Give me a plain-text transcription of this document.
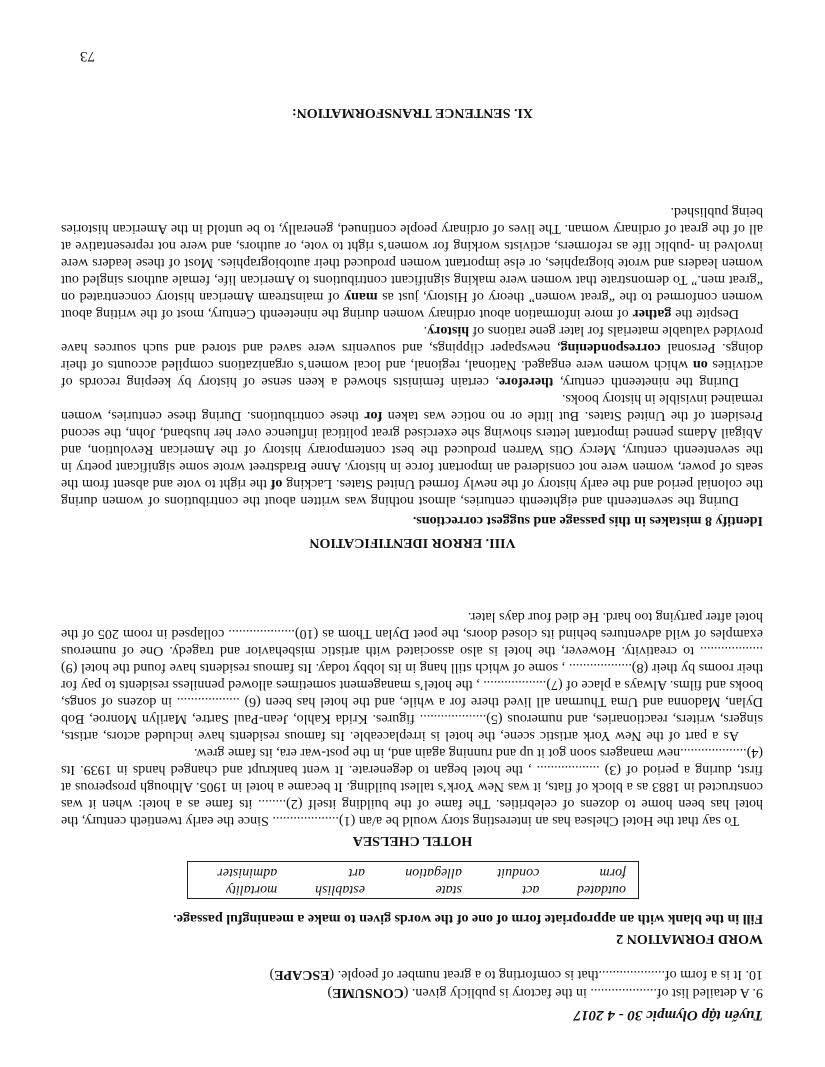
Tuyển tập Olympic 30 - 4 2017
9. A detailed list of................... in the factory is publicly given. (CONSUME)
10. It is a form of...................that is comforting to a great number of people. (ESCAPE)
WORD FORMATION 2
Fill in the blank with an appropriate form of one of the words given to make a meaningful passage.
outdated	act	state	establish	mortality
form	conduit	allegation	art	administer
HOTEL CHELSEA

To say that the Hotel Chelsea has an interesting story would be a/an (1)................... Since the early twentieth century, the hotel has been home to dozens of celebrities. The fame of the building itself (2)........ its fame as a hotel: when it was constructed in 1883 as a block of flats, it was New York’s tallest building. It became a hotel in 1905. Although prosperous at first, during a period of (3) .................. , the hotel began to degenerate. It went bankrupt and changed hands in 1939. Its (4)...................new managers soon got it up and running again and, in the post-war era, its fame grew.

As a part of the New York artistic scene, the hotel is irreplaceable. Its famous residents have included actors, artists, singers, writers, reactionaries, and numerous (5)................... figures. Krida Kahlo, Jean-Paul Sartre, Marilyn Monroe, Bob Dylan, Madonna and Uma Thurman all lived there for a while, and the hotel has been (6) .................. in dozens of songs, books and films. Always a place of (7).................. , the hotel’s management sometimes allowed penniless residents to pay for their rooms by their (8).................. , some of which still hang in its lobby today. Its famous residents have found the hotel (9) .................. to creativity. However, the hotel is also associated with artistic misbehavior and tragedy. One of numerous examples of wild adventures behind its closed doors, the poet Dylan Thom as (10)................... collapsed in room 205 of the hotel after partying too hard. He died four days later.

VIII. ERROR IDENTIFICATION
Identify 8 mistakes in this passage and suggest corrections.

During the seventeenth and eighteenth centuries, almost nothing was written about the contributions of women during the colonial period and the early history of the newly formed United States. Lacking of the right to vote and absent from the seats of power, women were not considered an important force in history. Anne Bradstreet wrote some significant poetry in the seventeenth century, Mercy Otis Warren produced the best contemporary history of the American Revolution, and Abigail Adams penned important letters showing she exercised great political influence over her husband, John, the second President of the United States. But little or no notice was taken for these contributions. During these centuries, women remained invisible in history books.

During the nineteenth century, therefore, certain feminists showed a keen sense of history by keeping records of activities on which women were engaged. National, regional, and local women’s organizations compiled accounts of their doings. Personal correspondening, newspaper clippings, and souvenirs were saved and stored and such sources have provided valuable materials for later gene rations of history.

Despite the gather of more information about ordinary women during the nineteenth Century, most of the writing about women conformed to the “great women” theory of History, just as many of mainstream American history concentrated on “great men.” To demonstrate that women were making significant contributions to American life, female authors singled out women leaders and wrote biographies, or else important women produced their autobiographies. Most of these leaders were involved in -public life as reformers, activists working for women’s right to vote, or authors, and were not representative at all of the great of ordinary woman. The lives of ordinary people continued, generally, to be untold in the American histories being published.

XI. SENTENCE TRANSFORMATION:
73
